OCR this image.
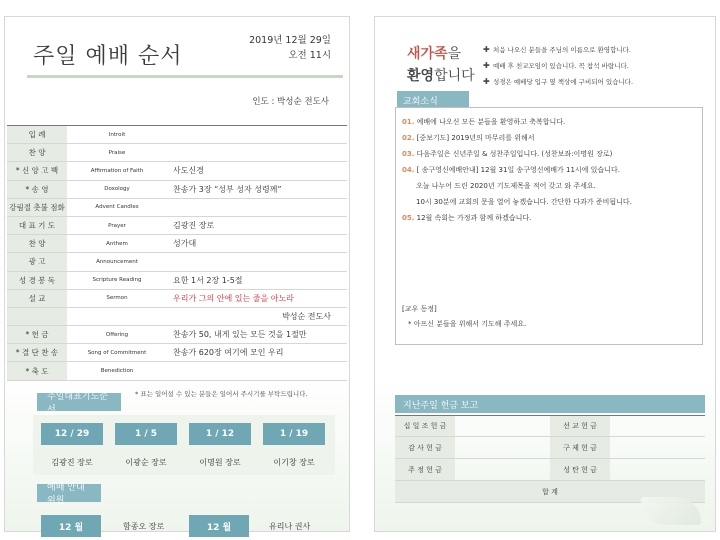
주일 예배 순서
2019년 12월 29일
오전 11시
인도 : 박성순 전도사
입 례	Introit
찬 양	Praise
* 신 앙 고 백	Affirmation of Faith	사도신경
* 송 영	Doxology	찬송가 3장 “성부 성자 성령께”
강림절 촛불 점화	Advent Candles
대 표 기 도	Prayer	김광진 장로
찬 양	Anthem	성가대
광 고	Announcement
성 경 봉 독	Scripture Reading	요한 1서 2장 1-5절
설 교	Sermon	우리가 그의 안에 있는 줄을 아노라
박성순 전도사
* 헌 금	Offering	찬송가 50, 내게 있는 모든 것을 1절만
* 결 단 찬 송	Song of Commitment	찬송가 620장 여기에 모인 우리
* 축 도	Benediction
* 표는 일어설 수 있는 분들은 일어서 주시기를 부탁드립니다.
주일대표기도순서
12 / 29	1 / 5	1 / 12	1 / 19
김광진 장로	이광순 장로	이명원 장로	이기창 장로
예배 안내위원
12 월	함종오 장로	12 월	유리나 권사
새가족을
환영합니다
✚ 처음 나오신 분들을 주님의 이름으로 환영합니다.
✚ 예배 후 친교모임이 있습니다. 꼭 참석 바랍니다.
✚ 성경은 예배당 입구 옆 책상에 구비되어 있습니다.
교회소식
01. 예배에 나오신 모든 분들을 환영하고 축복합니다.
02. [중보기도] 2019년의 마무리를 위해서
03. 다음주일은 신년주일 & 성찬주일입니다. (성찬보좌:이명원 장로)
04. [ 송구영신예배안내] 12월 31일 송구영신예배가 11시에 있습니다.
오늘 나누어 드린 2020년 기도제목을 적어 갖고 와 주세요.
10시 30분에 교회의 문을 열어 놓겠습니다. 간단한 다과가 준비됩니다.
05. 12월 속회는 가정과 함께 하겠습니다.
[교우 동정]
* 아프신 분들을 위해서 기도해 주세요.
지난주일 헌금 보고
십 일 조 헌 금	선 교 헌 금
감 사 헌 금	구 제 헌 금
주 정 헌 금	성 탄 헌 금
합 계
